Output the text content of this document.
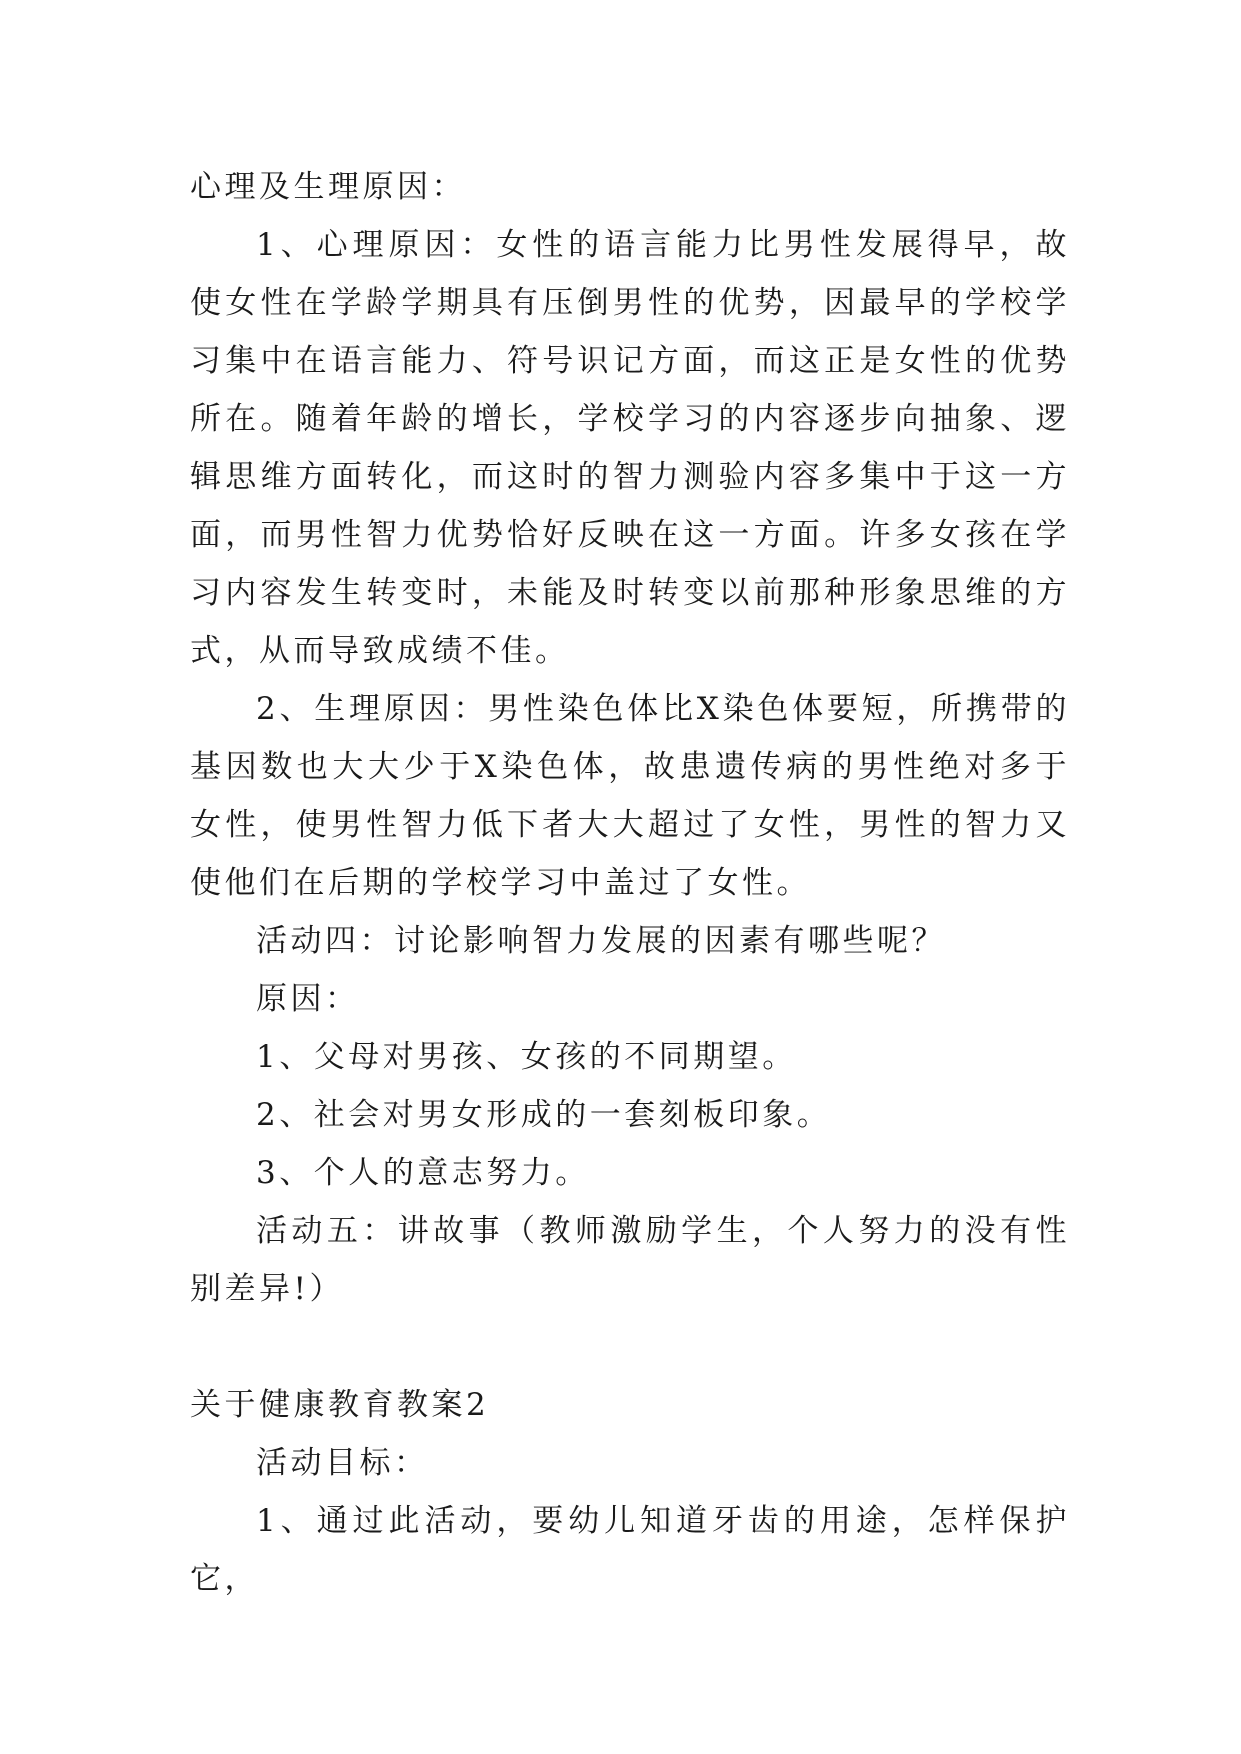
心理及生理原因：

1、心理原因：女性的语言能力比男性发展得早，故使女性在学龄学期具有压倒男性的优势，因最早的学校学习集中在语言能力、符号识记方面，而这正是女性的优势所在。随着年龄的增长，学校学习的内容逐步向抽象、逻辑思维方面转化，而这时的智力测验内容多集中于这一方面，而男性智力优势恰好反映在这一方面。许多女孩在学习内容发生转变时，未能及时转变以前那种形象思维的方式，从而导致成绩不佳。

2、生理原因：男性染色体比X染色体要短，所携带的基因数也大大少于X染色体，故患遗传病的男性绝对多于女性，使男性智力低下者大大超过了女性，男性的智力又使他们在后期的学校学习中盖过了女性。

活动四：讨论影响智力发展的因素有哪些呢？

原因：

1、父母对男孩、女孩的不同期望。

2、社会对男女形成的一套刻板印象。

3、个人的意志努力。

活动五：讲故事（教师激励学生，个人努力的没有性别差异!）

关于健康教育教案2

活动目标：

1、通过此活动，要幼儿知道牙齿的用途，怎样保护它，
